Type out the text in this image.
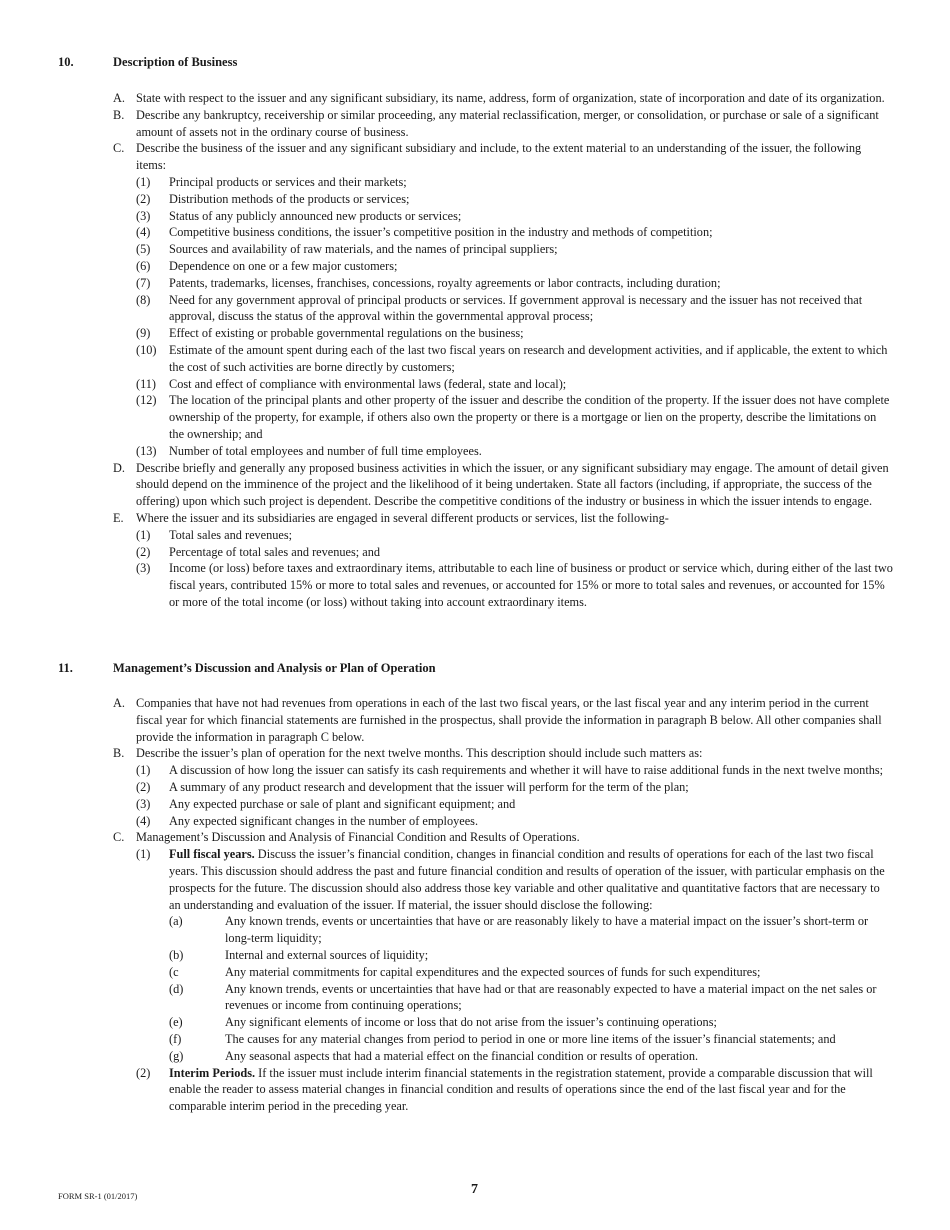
10.	Description of Business
A. State with respect to the issuer and any significant subsidiary, its name, address, form of organization, state of incorporation and date of its organization.
B. Describe any bankruptcy, receivership or similar proceeding, any material reclassification, merger, or consolidation, or purchase or sale of a significant amount of assets not in the ordinary course of business.
C. Describe the business of the issuer and any significant subsidiary and include, to the extent material to an understanding of the issuer, the following items:
(1) Principal products or services and their markets;
(2) Distribution methods of the products or services;
(3) Status of any publicly announced new products or services;
(4) Competitive business conditions, the issuer’s competitive position in the industry and methods of competition;
(5) Sources and availability of raw materials, and the names of principal suppliers;
(6) Dependence on one or a few major customers;
(7) Patents, trademarks, licenses, franchises, concessions, royalty agreements or labor contracts, including duration;
(8) Need for any government approval of principal products or services. If government approval is necessary and the issuer has not received that approval, discuss the status of the approval within the governmental approval process;
(9) Effect of existing or probable governmental regulations on the business;
(10) Estimate of the amount spent during each of the last two fiscal years on research and development activities, and if applicable, the extent to which the cost of such activities are borne directly by customers;
(11) Cost and effect of compliance with environmental laws (federal, state and local);
(12) The location of the principal plants and other property of the issuer and describe the condition of the property. If the issuer does not have complete ownership of the property, for example, if others also own the property or there is a mortgage or lien on the property, describe the limitations on the ownership; and
(13) Number of total employees and number of full time employees.
D. Describe briefly and generally any proposed business activities in which the issuer, or any significant subsidiary may engage. The amount of detail given should depend on the imminence of the project and the likelihood of it being undertaken. State all factors (including, if appropriate, the success of the offering) upon which such project is dependent. Describe the competitive conditions of the industry or business in which the issuer intends to engage.
E. Where the issuer and its subsidiaries are engaged in several different products or services, list the following-
(1) Total sales and revenues;
(2) Percentage of total sales and revenues; and
(3) Income (or loss) before taxes and extraordinary items, attributable to each line of business or product or service which, during either of the last two fiscal years, contributed 15% or more to total sales and revenues, or accounted for 15% or more to total sales and revenues, or accounted for 15% or more of the total income (or loss) without taking into account extraordinary items.
11.	Management’s Discussion and Analysis or Plan of Operation
A. Companies that have not had revenues from operations in each of the last two fiscal years, or the last fiscal year and any interim period in the current fiscal year for which financial statements are furnished in the prospectus, shall provide the information in paragraph B below. All other companies shall provide the information in paragraph C below.
B. Describe the issuer’s plan of operation for the next twelve months. This description should include such matters as:
(1) A discussion of how long the issuer can satisfy its cash requirements and whether it will have to raise additional funds in the next twelve months;
(2) A summary of any product research and development that the issuer will perform for the term of the plan;
(3) Any expected purchase or sale of plant and significant equipment; and
(4) Any expected significant changes in the number of employees.
C. Management’s Discussion and Analysis of Financial Condition and Results of Operations.
(1) Full fiscal years. Discuss the issuer’s financial condition, changes in financial condition and results of operations for each of the last two fiscal years. This discussion should address the past and future financial condition and results of operation of the issuer, with particular emphasis on the prospects for the future. The discussion should also address those key variable and other qualitative and quantitative factors that are necessary to an understanding and evaluation of the issuer. If material, the issuer should disclose the following:
(a)	Any known trends, events or uncertainties that have or are reasonably likely to have a material impact on the issuer’s short-term or long-term liquidity;
(b)	Internal and external sources of liquidity;
(c	Any material commitments for capital expenditures and the expected sources of funds for such expenditures;
(d)	Any known trends, events or uncertainties that have had or that are reasonably expected to have a material impact on the net sales or revenues or income from continuing operations;
(e)	Any significant elements of income or loss that do not arise from the issuer’s continuing operations;
(f)	The causes for any material changes from period to period in one or more line items of the issuer’s financial statements; and
(g)	Any seasonal aspects that had a material effect on the financial condition or results of operation.
(2) Interim Periods. If the issuer must include interim financial statements in the registration statement, provide a comparable discussion that will enable the reader to assess material changes in financial condition and results of operations since the end of the last fiscal year and for the comparable interim period in the preceding year.
FORM SR-1 (01/2017)	7
